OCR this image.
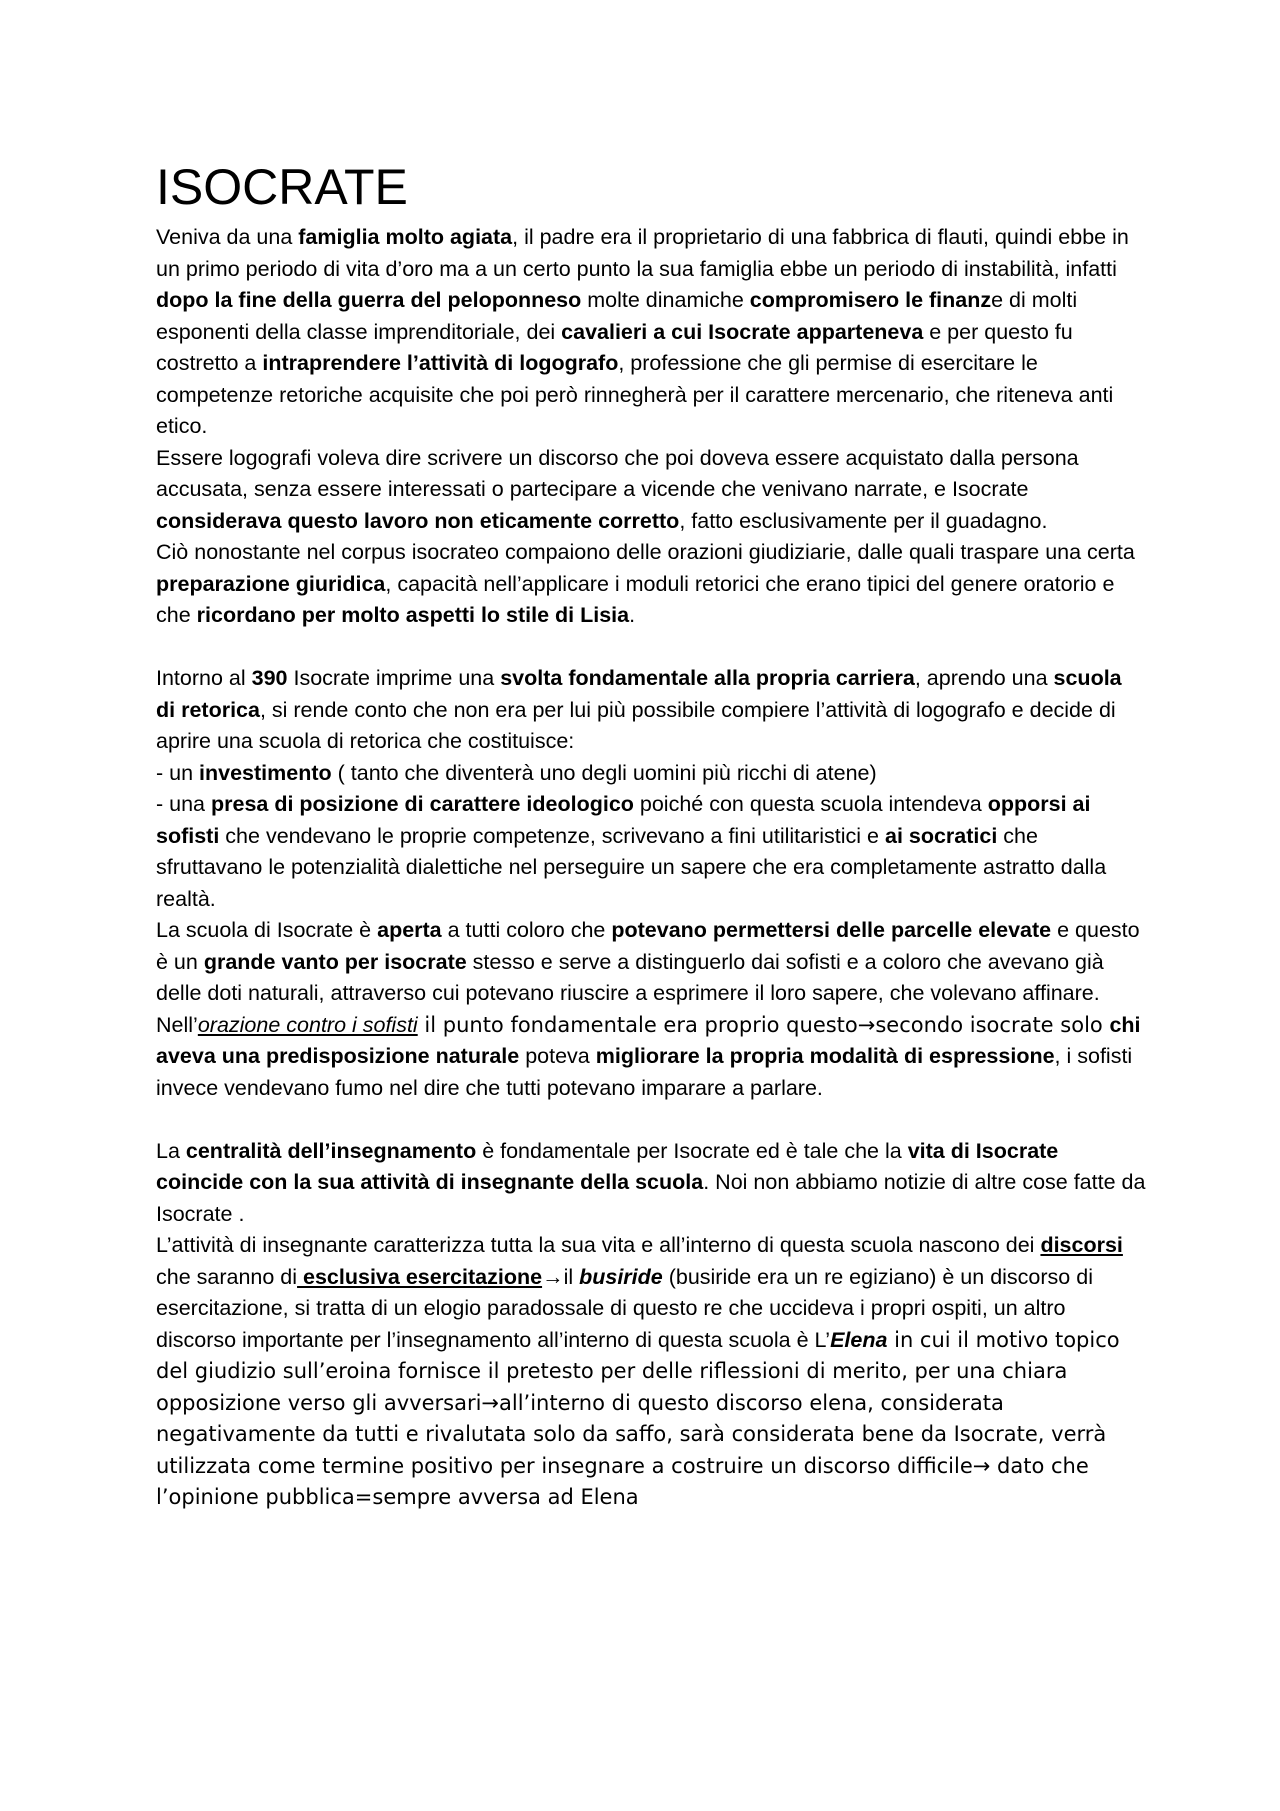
ISOCRATE

Veniva da una famiglia molto agiata, il padre era il proprietario di una fabbrica di flauti, quindi ebbe in un primo periodo di vita d’oro ma a un certo punto la sua famiglia ebbe un periodo di instabilità, infatti dopo la fine della guerra del peloponneso molte dinamiche compromisero le finanze di molti esponenti della classe imprenditoriale, dei cavalieri a cui Isocrate apparteneva e per questo fu costretto a intraprendere l’attività di logografo, professione che gli permise di esercitare le competenze retoriche acquisite che poi però rinnegherà per il carattere mercenario, che riteneva anti etico.

Essere logografi voleva dire scrivere un discorso che poi doveva essere acquistato dalla persona accusata, senza essere interessati o partecipare a vicende che venivano narrate, e Isocrate considerava questo lavoro non eticamente corretto, fatto esclusivamente per il guadagno.

Ciò nonostante nel corpus isocrateo compaiono delle orazioni giudiziarie, dalle quali traspare una certa preparazione giuridica, capacità nell’applicare i moduli retorici che erano tipici del genere oratorio e che ricordano per molto aspetti lo stile di Lisia.

Intorno al 390 Isocrate imprime una svolta fondamentale alla propria carriera, aprendo una scuola di retorica, si rende conto che non era per lui più possibile compiere l’attività di logografo e decide di aprire una scuola di retorica che costituisce:

- un investimento ( tanto che diventerà uno degli uomini più ricchi di atene)

- una presa di posizione di carattere ideologico poiché con questa scuola intendeva opporsi ai sofisti che vendevano le proprie competenze, scrivevano a fini utilitaristici e ai socratici che sfruttavano le potenzialità dialettiche nel perseguire un sapere che era completamente astratto dalla realtà.

La scuola di Isocrate è aperta a tutti coloro che potevano permettersi delle parcelle elevate e questo è un grande vanto per isocrate stesso e serve a distinguerlo dai sofisti e a coloro che avevano già delle doti naturali, attraverso cui potevano riuscire a esprimere il loro sapere, che volevano affinare.

Nell’orazione contro i sofisti il punto fondamentale era proprio questo→secondo isocrate solo chi aveva una predisposizione naturale poteva migliorare la propria modalità di espressione, i sofisti invece vendevano fumo nel dire che tutti potevano imparare a parlare.

La centralità dell’insegnamento è fondamentale per Isocrate ed è tale che la vita di Isocrate coincide con la sua attività di insegnante della scuola. Noi non abbiamo notizie di altre cose fatte da Isocrate .

L’attività di insegnante caratterizza tutta la sua vita e all’interno di questa scuola nascono dei discorsi che saranno di esclusiva esercitazione→il busiride (busiride era un re egiziano) è un discorso di esercitazione, si tratta di un elogio paradossale di questo re che uccideva i propri ospiti, un altro discorso importante per l’insegnamento all’interno di questa scuola è L’Elena in cui il motivo topico del giudizio sull’eroina fornisce il pretesto per delle riflessioni di merito, per una chiara opposizione verso gli avversari→all’interno di questo discorso elena, considerata negativamente da tutti e rivalutata solo da saffo, sarà considerata bene da Isocrate, verrà utilizzata come termine positivo per insegnare a costruire un discorso difficile→ dato che l’opinione pubblica=sempre avversa ad Elena
